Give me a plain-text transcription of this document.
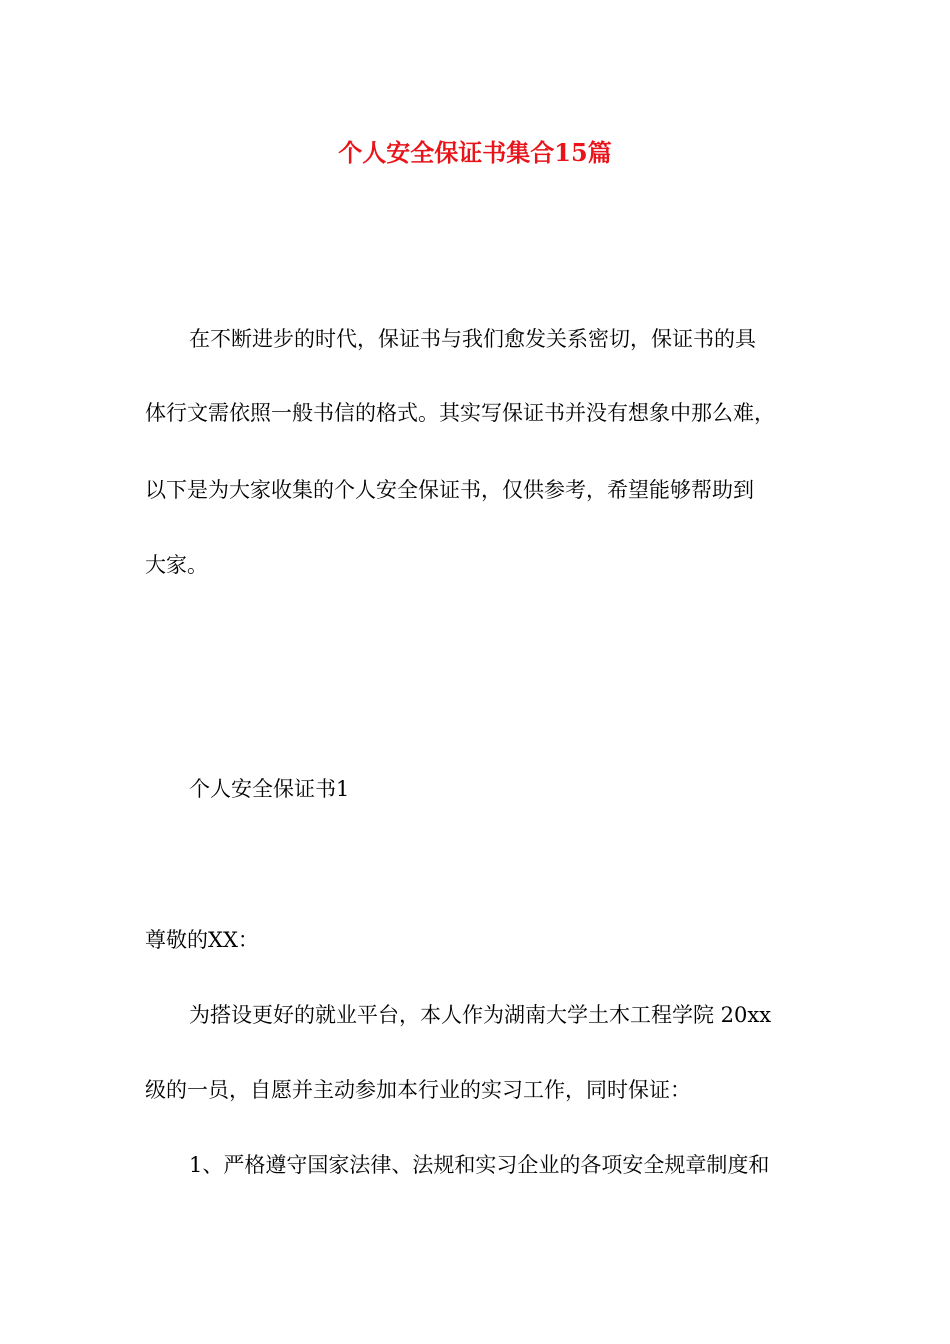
个人安全保证书集合15篇

在不断进步的时代，保证书与我们愈发关系密切，保证书的具

体行文需依照一般书信的格式。其实写保证书并没有想象中那么难，

以下是为大家收集的个人安全保证书，仅供参考，希望能够帮助到

大家。

个人安全保证书1

尊敬的XX：

为搭设更好的就业平台，本人作为湖南大学土木工程学院 20xx

级的一员，自愿并主动参加本行业的实习工作，同时保证：

1、严格遵守国家法律、法规和实习企业的各项安全规章制度和
